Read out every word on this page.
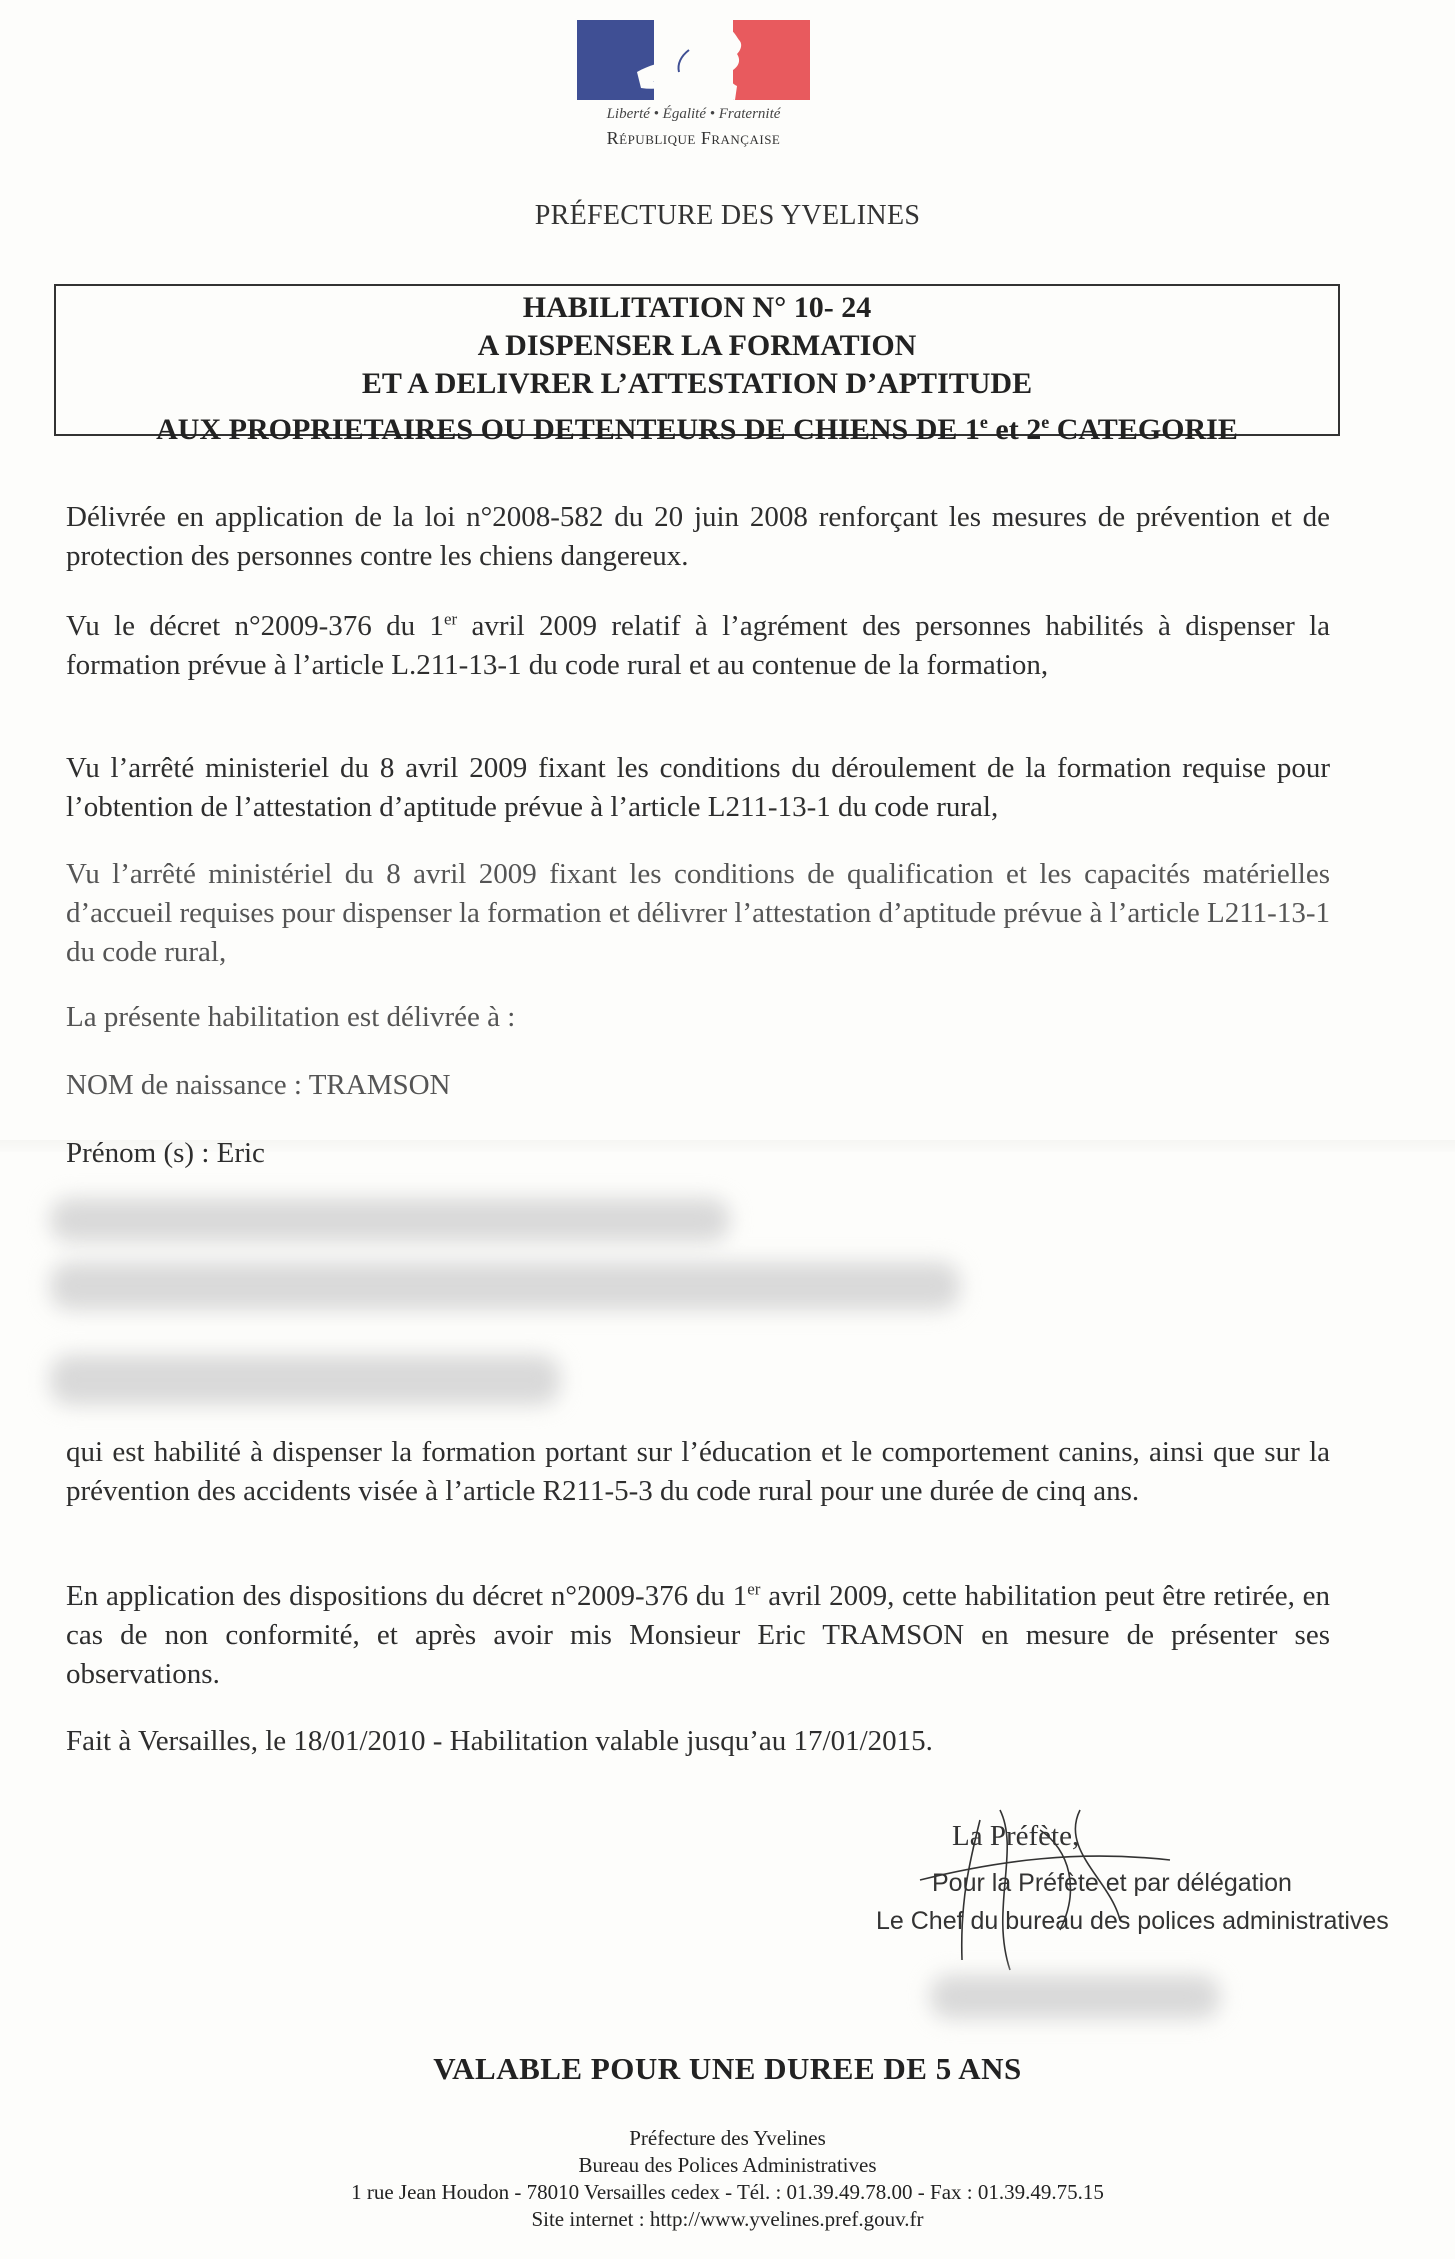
Liberté • Égalité • Fraternité
République Française
PRÉFECTURE DES YVELINES
HABILITATION N° 10- 24
A DISPENSER LA FORMATION
ET A DELIVRER L’ATTESTATION D’APTITUDE
AUX PROPRIETAIRES OU DETENTEURS DE CHIENS DE 1e et 2e CATEGORIE
Délivrée en application de la loi n°2008-582 du 20 juin 2008 renforçant les mesures de prévention et de protection des personnes contre les chiens dangereux.
Vu le décret n°2009-376 du 1er avril 2009 relatif à l’agrément des personnes habilités à dispenser la formation prévue à l’article L.211-13-1 du code rural et au contenue de la formation,
Vu l’arrêté ministeriel du 8 avril 2009 fixant les conditions du déroulement de la formation requise pour l’obtention de l’attestation d’aptitude prévue à l’article L211-13-1 du code rural,
Vu l’arrêté ministériel du 8 avril 2009 fixant les conditions de qualification et les capacités matérielles d’accueil requises pour dispenser la formation et délivrer l’attestation d’aptitude prévue à l’article L211-13-1 du code rural,
La présente habilitation est délivrée à :
NOM de naissance : TRAMSON
Prénom (s) : Eric
qui est habilité à dispenser la formation portant sur l’éducation et le comportement canins, ainsi que sur la prévention des accidents visée à l’article R211-5-3 du code rural pour une durée de cinq ans.
En application des dispositions du décret n°2009-376 du 1er avril 2009, cette habilitation peut être retirée, en cas de non conformité, et après avoir mis Monsieur Eric TRAMSON en mesure de présenter ses observations.
Fait à Versailles, le 18/01/2010 - Habilitation valable jusqu’au 17/01/2015.
La Préfète,
Pour la Préfète et par délégation
Le Chef du bureau des polices administratives
VALABLE POUR UNE DUREE DE 5 ANS
Préfecture des Yvelines
Bureau des Polices Administratives
1 rue Jean Houdon - 78010 Versailles cedex - Tél. : 01.39.49.78.00 - Fax : 01.39.49.75.15
Site internet : http://www.yvelines.pref.gouv.fr
